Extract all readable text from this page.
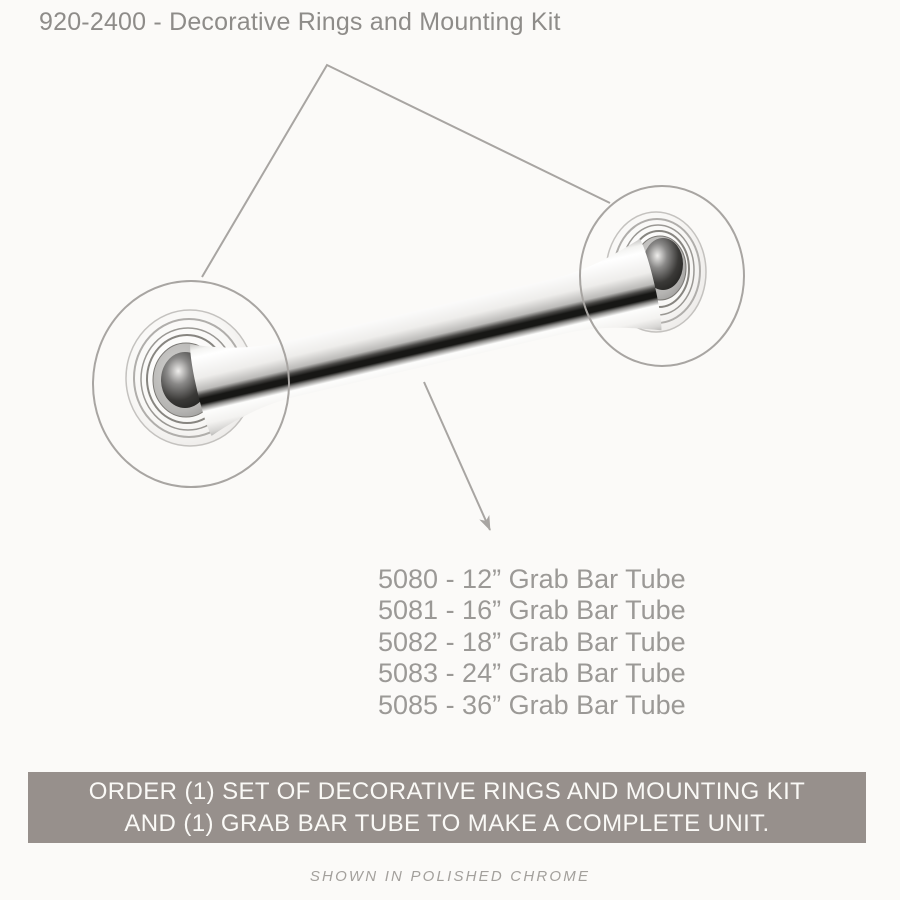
920-2400 - Decorative Rings and Mounting Kit
5080 - 12” Grab Bar Tube
5081 - 16” Grab Bar Tube
5082 - 18” Grab Bar Tube
5083 - 24” Grab Bar Tube
5085 - 36” Grab Bar Tube
ORDER (1) SET OF DECORATIVE RINGS AND MOUNTING KIT
AND (1) GRAB BAR TUBE TO MAKE A COMPLETE UNIT.
SHOWN IN POLISHED CHROME
